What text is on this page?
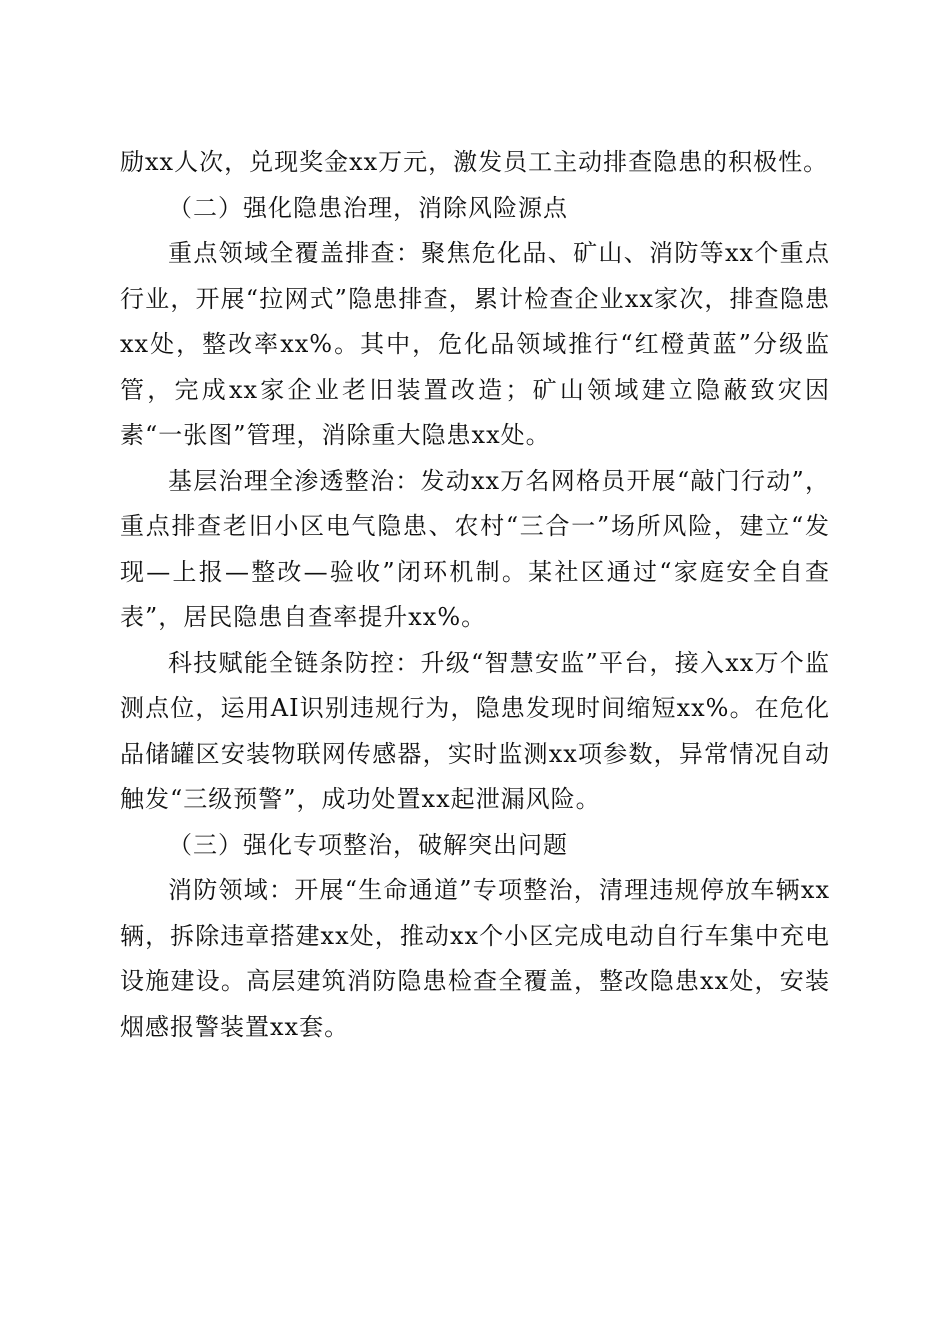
励xx人次，兑现奖金xx万元，激发员工主动排查隐患的积极性。

（二）强化隐患治理，消除风险源点

重点领域全覆盖排查：聚焦危化品、矿山、消防等xx个重点行业，开展“拉网式”隐患排查，累计检查企业xx家次，排查隐患xx处，整改率xx%。其中，危化品领域推行“红橙黄蓝”分级监管，完成xx家企业老旧装置改造；矿山领域建立隐蔽致灾因素“一张图”管理，消除重大隐患xx处。

基层治理全渗透整治：发动xx万名网格员开展“敲门行动”，重点排查老旧小区电气隐患、农村“三合一”场所风险，建立“发现—上报—整改—验收”闭环机制。某社区通过“家庭安全自查表”，居民隐患自查率提升xx%。

科技赋能全链条防控：升级“智慧安监”平台，接入xx万个监测点位，运用AI识别违规行为，隐患发现时间缩短xx%。在危化品储罐区安装物联网传感器，实时监测xx项参数，异常情况自动触发“三级预警”，成功处置xx起泄漏风险。

（三）强化专项整治，破解突出问题

消防领域：开展“生命通道”专项整治，清理违规停放车辆xx辆，拆除违章搭建xx处，推动xx个小区完成电动自行车集中充电设施建设。高层建筑消防隐患检查全覆盖，整改隐患xx处，安装烟感报警装置xx套。
